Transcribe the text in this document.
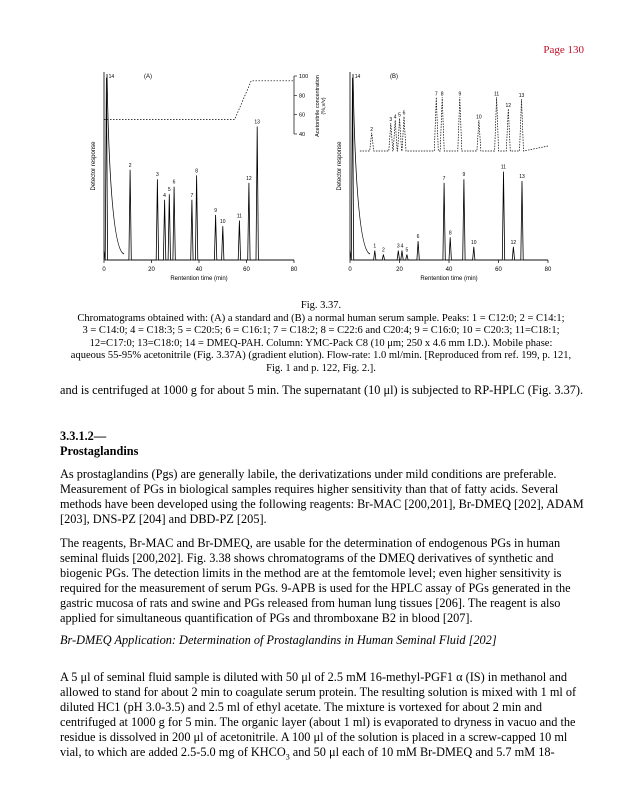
Page 130
0	20	40	60	80
Rentention time (min)
Detector response
(A)
14
2
3
4
5
6
7
8
9
10
11
12
13
100
80
60
40 Acetonitrile concentration (%,v/v)
0	20	40	60	80
Rentention time (min)
Detector response
(B)
14
1
2
3 4
5
6
7
8
9
10
11
12
13
2
3 4 5 6
7 8	9
10
11
12
13

Fig. 3.37.

Chromatograms obtained with: (A) a standard and (B) a normal human serum sample. Peaks: 1 = C12:0; 2 = C14:1;

3 = C14:0; 4 = C18:3; 5 = C20:5; 6 = C16:1; 7 = C18:2; 8 = C22:6 and C20:4; 9 = C16:0; 10 = C20:3; 11=C18:1;

12=C17:0; 13=C18:0; 14 = DMEQ-PAH. Column: YMC-Pack C8 (10 μm; 250 x 4.6 mm I.D.). Mobile phase:

aqueous 55-95% acetonitrile (Fig. 3.37A) (gradient elution). Flow-rate: 1.0 ml/min. [Reproduced from ref. 199, p. 121,

Fig. 1 and p. 122, Fig. 2.].

and is centrifuged at 1000 g for about 5 min. The supernatant (10 μl) is subjected to RP-HPLC (Fig. 3.37).

3.3.1.2—
Prostaglandins

As prostaglandins (Pgs) are generally labile, the derivatizations under mild conditions are preferable. Measurement of PGs in biological samples requires higher sensitivity than that of fatty acids. Several methods have been developed using the following reagents: Br-MAC [200,201], Br-DMEQ [202], ADAM [203], DNS-PZ [204] and DBD-PZ [205].

The reagents, Br-MAC and Br-DMEQ, are usable for the determination of endogenous PGs in human seminal fluids [200,202]. Fig. 3.38 shows chromatograms of the DMEQ derivatives of synthetic and biogenic PGs. The detection limits in the method are at the femtomole level; even higher sensitivity is required for the measurement of serum PGs. 9-APB is used for the HPLC assay of PGs generated in the gastric mucosa of rats and swine and PGs released from human lung tissues [206]. The reagent is also applied for simultaneous quantification of PGs and thromboxane B2 in blood [207].

Br-DMEQ Application: Determination of Prostaglandins in Human Seminal Fluid [202]

A 5 μl of seminal fluid sample is diluted with 50 μl of 2.5 mM 16-methyl-PGF1 α (IS) in methanol and allowed to stand for about 2 min to coagulate serum protein. The resulting solution is mixed with 1 ml of diluted HC1 (pH 3.0-3.5) and 2.5 ml of ethyl acetate. The mixture is vortexed for about 2 min and centrifuged at 1000 g for 5 min. The organic layer (about 1 ml) is evaporated to dryness in vacuo and the residue is dissolved in 200 μl of acetonitrile. A 100 μl of the solution is placed in a screw-capped 10 ml vial, to which are added 2.5-5.0 mg of $KHCO_3$ and 50 μl each of 10 mM Br-DMEQ and 5.7 mM 18-
